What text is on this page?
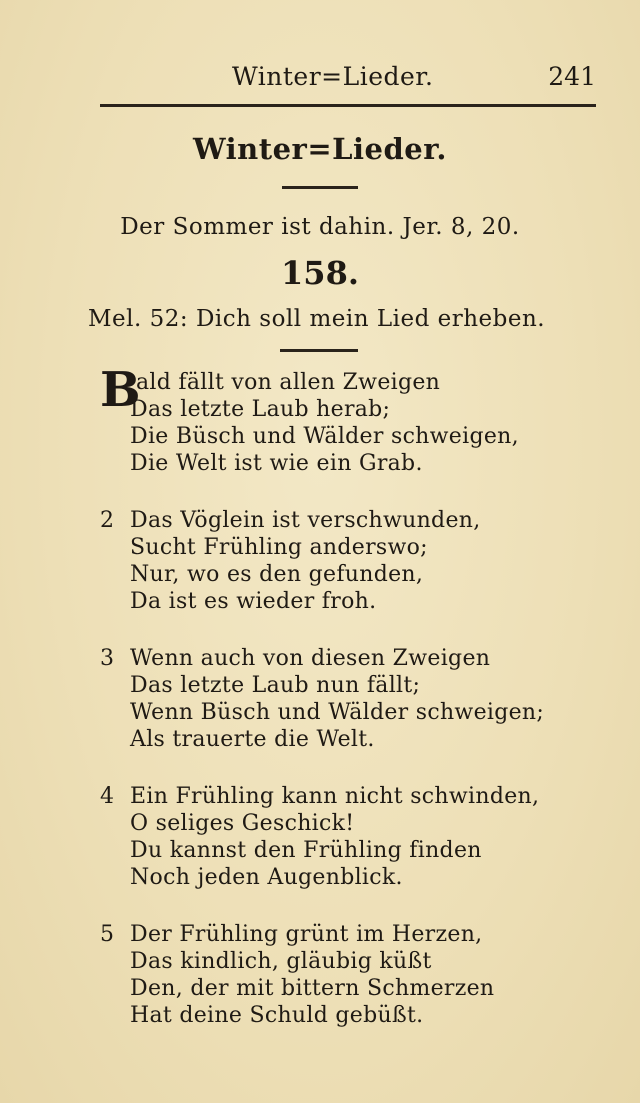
Winter=Lieder.	241
Winter=Lieder.
Der Sommer ist dahin. Jer. 8, 20.
158.
Mel. 52: Dich soll mein Lied erheben.
B
ald fällt von allen Zweigen
Das letzte Laub herab;
Die Büsch und Wälder schweigen,
Die Welt ist wie ein Grab.
2 Das Vöglein ist verschwunden,
Sucht Frühling anderswo;
Nur, wo es den gefunden,
Da ist es wieder froh.
3 Wenn auch von diesen Zweigen
Das letzte Laub nun fällt;
Wenn Büsch und Wälder schweigen;
Als trauerte die Welt.
4 Ein Frühling kann nicht schwinden,
O seliges Geschick!
Du kannst den Frühling finden
Noch jeden Augenblick.
5 Der Frühling grünt im Herzen,
Das kindlich, gläubig küßt
Den, der mit bittern Schmerzen
Hat deine Schuld gebüßt.
